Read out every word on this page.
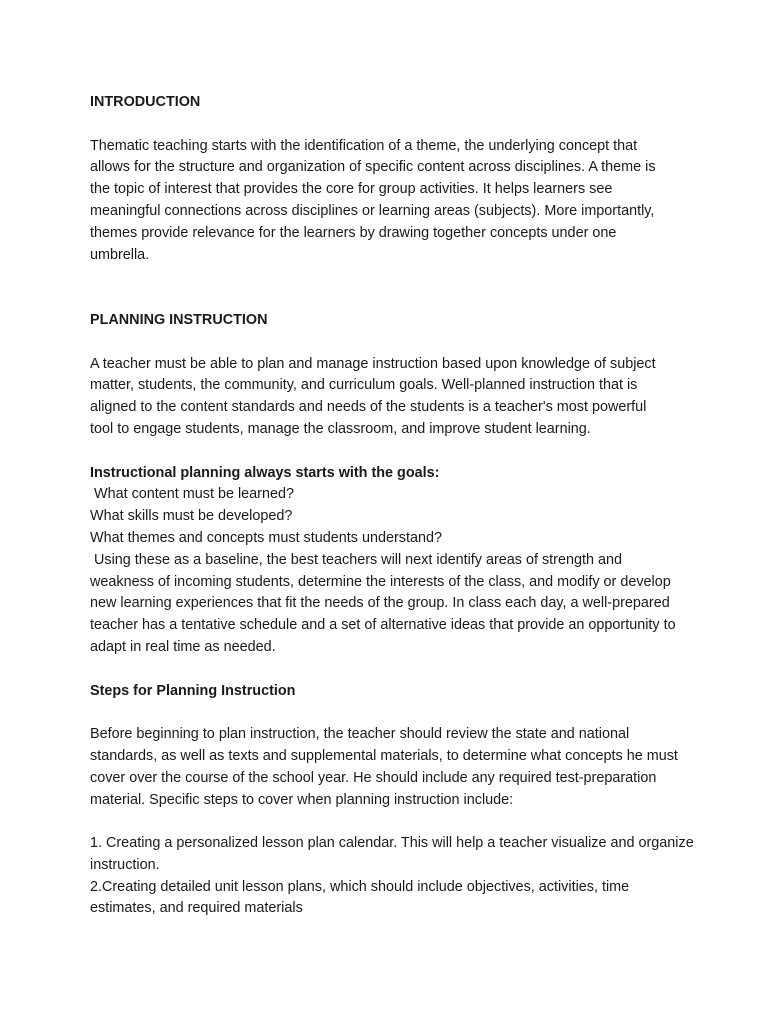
INTRODUCTION

Thematic teaching starts with the identification of a theme, the underlying concept that
allows for the structure and organization of specific content across disciplines. A theme is
the topic of interest that provides the core for group activities. It helps learners see
meaningful connections across disciplines or learning areas (subjects). More importantly,
themes provide relevance for the learners by drawing together concepts under one
umbrella.

PLANNING INSTRUCTION

A teacher must be able to plan and manage instruction based upon knowledge of subject
matter, students, the community, and curriculum goals. Well-planned instruction that is
aligned to the content standards and needs of the students is a teacher's most powerful
tool to engage students, manage the classroom, and improve student learning.

Instructional planning always starts with the goals:
What content must be learned?
What skills must be developed?
What themes and concepts must students understand?
Using these as a baseline, the best teachers will next identify areas of strength and
weakness of incoming students, determine the interests of the class, and modify or develop
new learning experiences that fit the needs of the group. In class each day, a well-prepared
teacher has a tentative schedule and a set of alternative ideas that provide an opportunity to
adapt in real time as needed.

Steps for Planning Instruction

Before beginning to plan instruction, the teacher should review the state and national
standards, as well as texts and supplemental materials, to determine what concepts he must
cover over the course of the school year. He should include any required test-preparation
material. Specific steps to cover when planning instruction include:

1. Creating a personalized lesson plan calendar. This will help a teacher visualize and organize
instruction.
2.Creating detailed unit lesson plans, which should include objectives, activities, time
estimates, and required materials
